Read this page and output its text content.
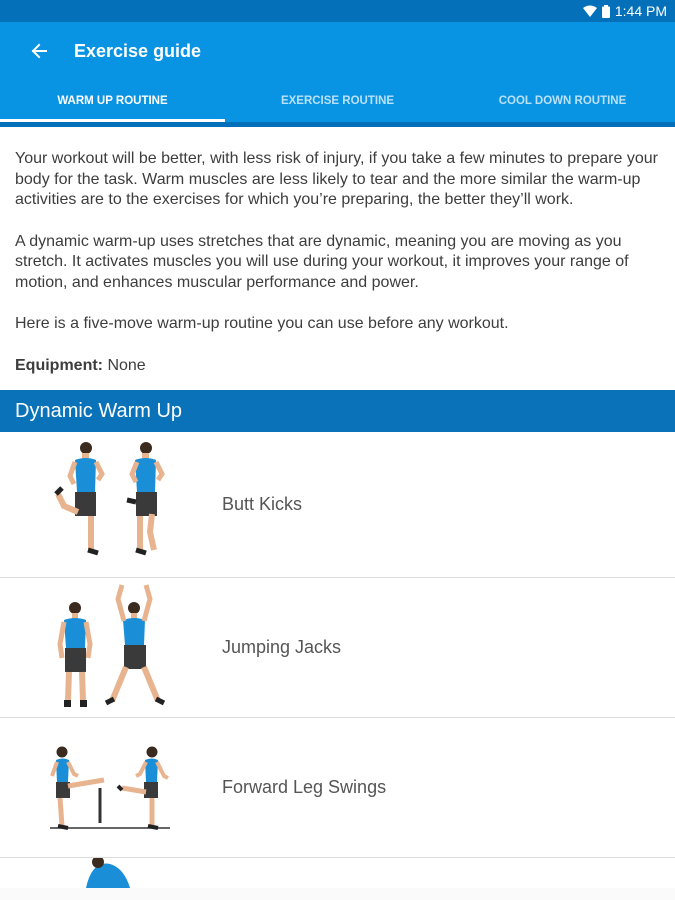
1:44 PM
Exercise guide
WARM UP ROUTINE	EXERCISE ROUTINE	COOL DOWN ROUTINE

Your workout will be better, with less risk of injury, if you take a few minutes to prepare your body for the task. Warm muscles are less likely to tear and the more similar the warm-up activities are to the exercises for which you’re preparing, the better they’ll work.

A dynamic warm-up uses stretches that are dynamic, meaning you are moving as you stretch. It activates muscles you will use during your workout, it improves your range of motion, and enhances muscular performance and power.

Here is a five-move warm-up routine you can use before any workout.

Equipment: None

Dynamic Warm Up
Butt Kicks
Jumping Jacks
Forward Leg Swings
